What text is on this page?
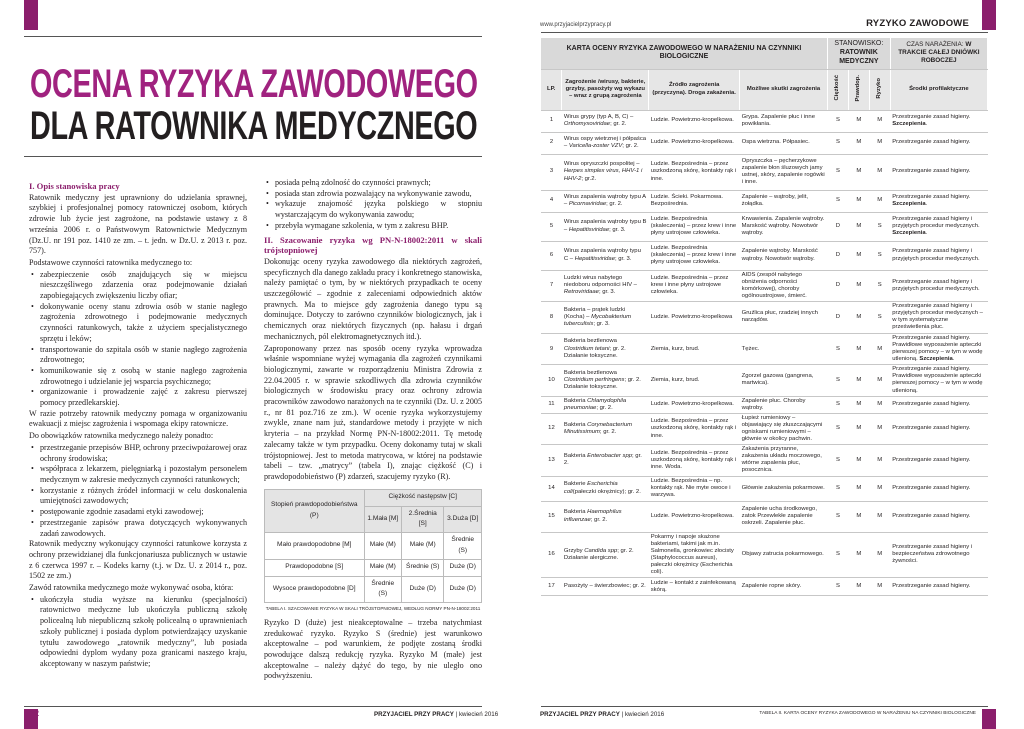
OCENA RYZYKA ZAWODOWEGO
DLA RATOWNIKA MEDYCZNEGO

I. Opis stanowiska pracy

Ratownik medyczny jest uprawniony do udzielania sprawnej, szybkiej i profesjonalnej pomocy ratowniczej osobom, których zdrowie lub życie jest zagrożone, na podstawie ustawy z 8 września 2006 r. o Państwowym Ratownictwie Medycznym (Dz.U. nr 191 poz. 1410 ze zm. – t. jedn. w Dz.U. z 2013 r. poz. 757).

Podstawowe czynności ratownika medycznego to:

• zabezpieczenie osób znajdujących się w miejscu nieszczęśliwego zdarzenia oraz podejmowanie działań zapobiegających zwiększeniu liczby ofiar;
• dokonywanie oceny stanu zdrowia osób w stanie nagłego zagrożenia zdrowotnego i podejmowanie medycznych czynności ratunkowych, także z użyciem specjalistycznego sprzętu i leków;
• transportowanie do szpitala osób w stanie nagłego zagrożenia zdrowotnego;
• komunikowanie się z osobą w stanie nagłego zagrożenia zdrowotnego i udzielanie jej wsparcia psychicznego;
• organizowanie i prowadzenie zajęć z zakresu pierwszej pomocy przedlekarskiej.

W razie potrzeby ratownik medyczny pomaga w organizowaniu ewakuacji z miejsc zagrożenia i wspomaga ekipy ratownicze.

Do obowiązków ratownika medycznego należy ponadto:

• przestrzeganie przepisów BHP, ochrony przeciwpożarowej oraz ochrony środowiska;
• współpraca z lekarzem, pielęgniarką i pozostałym personelem medycznym w zakresie medycznych czynności ratunkowych;
• korzystanie z różnych źródeł informacji w celu doskonalenia umiejętności zawodowych;
• postępowanie zgodnie zasadami etyki zawodowej;
• przestrzeganie zapisów prawa dotyczących wykonywanych zadań zawodowych.

Ratownik medyczny wykonujący czynności ratunkowe korzysta z ochrony przewidzianej dla funkcjonariusza publicznych w ustawie z 6 czerwca 1997 r. – Kodeks karny (t.j. w Dz. U. z 2014 r., poz. 1502 ze zm.)

Zawód ratownika medycznego może wykonywać osoba, która:

• ukończyła studia wyższe na kierunku (specjalności) ratownictwo medyczne lub ukończyła publiczną szkołę policealną lub niepubliczną szkołę policealną o uprawnieniach szkoły publicznej i posiada dyplom potwierdzający uzyskanie tytułu zawodowego „ratownik medyczny”, lub posiada odpowiedni dyplom wydany poza granicami naszego kraju, akceptowany w naszym państwie;
• posiada pełną zdolność do czynności prawnych;
• posiada stan zdrowia pozwalający na wykonywanie zawodu,
• wykazuje znajomość języka polskiego w stopniu wystarczającym do wykonywania zawodu;
• przebyła wymagane szkolenia, w tym z zakresu BHP.

II. Szacowanie ryzyka wg PN-N-18002:2011 w skali trójstopniowej

Dokonując oceny ryzyka zawodowego dla niektórych zagrożeń, specyficznych dla danego zakładu pracy i konkretnego stanowiska, należy pamiętać o tym, by w niektórych przypadkach te oceny uszczegółowić – zgodnie z zaleceniami odpowiednich aktów prawnych. Ma to miejsce gdy zagrożenia danego typu są dominujące. Dotyczy to zarówno czynników biologicznych, jak i chemicznych oraz niektórych fizycznych (np. hałasu i drgań mechanicznych, pól elektromagnetycznych itd.).

Zaproponowany przez nas sposób oceny ryzyka wprowadza właśnie wspomniane wyżej wymagania dla zagrożeń czynnikami biologicznymi, zawarte w rozporządzeniu Ministra Zdrowia z 22.04.2005 r. w sprawie szkodliwych dla zdrowia czynników biologicznych w środowisku pracy oraz ochrony zdrowia pracowników zawodowo narażonych na te czynniki (Dz. U. z 2005 r., nr 81 poz.716 ze zm.). W ocenie ryzyka wykorzystujemy zwykle, znane nam już, standardowe metody i przyjęte w nich kryteria – na przykład Normę PN-N-18002:2011. Tę metodę zalecamy także w tym przypadku. Oceny dokonamy tutaj w skali trójstopniowej. Jest to metoda matrycowa, w której na podstawie tabeli – tzw. „matrycy” (tabela I), znając ciężkość (C) i prawdopodobieństwo (P) zdarzeń, szacujemy ryzyko (R).

Stopień prawdopodobieństwa (P)	Ciężkość następstw [C]		
	1.Mała [M]	2.Średnia [S]	3.Duża [D]
Mało prawdopodobne [M]	Małe (M)	Małe (M)	Średnie (S)
Prawdopodobne [S]	Małe (M)	Średnie (S)	Duże (D)
Wysoce prawdopodobne [D]	Średnie (S)	Duże (D)	Duże (D)
TABELA I. SZACOWANIE RYZYKA W SKALI TRÓJSTOPNIOWEJ, WEDŁUG NORMY PN-N-18002:2011

Ryzyko D (duże) jest nieakceptowalne – trzeba natychmiast zredukować ryzyko. Ryzyko S (średnie) jest warunkowo akceptowalne – pod warunkiem, że podjęte zostaną środki powodujące dalszą redukcję ryzyka. Ryzyko M (małe) jest akceptowalne – należy dążyć do tego, by nie uległo ono podwyższeniu.

32	PRZYJACIEL PRZY PRACY | kwiecień 2016
www.przyjacielprzypracy.pl	RYZYKO ZAWODOWE
KARTA OCENY RYZYKA ZAWODOWEGO W NARAŻENIU NA CZYNNIKI BIOLOGICZNE				STANOWISKO:
RATOWNIK MEDYCZNY			CZAS NARAŻENIA: W TRAKCIE CAŁEJ DNIÓWKI ROBOCZEJ
LP.	Zagrożenie /wirusy, bakterie, grzyby, pasożyty wg wykazu – wraz z grupą zagrożenia	Źródło zagrożenia (przyczyna). Droga zakażenia.	Możliwe skutki zagrożenia	Ciężkość	Prawdop.	Ryzyko	Środki profilaktyczne
1	Wirus grypy (typ A, B, C) – Orthomyxoviridae; gr. 2.	Ludzie. Powietrzno-kropelkowa.	Grypa. Zapalenie płuc i inne powikłania.	S	M	M	Przestrzeganie zasad higieny. Szczepienia.
2	Wirus ospy wietrznej i półpaśca – Varicella-zoster VZV; gr. 2.	Ludzie. Powietrzno-kropelkowa.	Ospa wietrzna. Półpasiec.	S	M	M	Przestrzeganie zasad higieny.
3	Wirus opryszczki pospolitej – Herpes simplex virus, HHV-1 i HHV-2; gr.2.	Ludzie. Bezpośrednia – przez uszkodzoną skórę, kontakty rąk i inne.	Opryszczka – pęcherzykowe zapalenie błon śluzowych jamy ustnej, skóry, zapalenie rogówki i inne.	S	M	M	Przestrzeganie zasad higieny.
4	Wirus zapalenia wątroby typu A – Picornaviridae; gr. 2.	Ludzie. Ścieki. Pokarmowa. Bezpośrednia.	Zapalenie – wątroby, jelit, żołądka.	S	M	M	Przestrzeganie zasad higieny. Szczepienia.
5	Wirus zapalenia wątroby typu B – Hepatitisviridae; gr. 3.	Ludzie. Bezpośrednia (skaleczenia) – przez krew i inne płyny ustrojowe człowieka.	Krwawienia. Zapalenie wątroby. Marskość wątroby. Nowotwór wątroby.	D	M	S	Przestrzeganie zasad higieny i przyjętych procedur medycznych. Szczepienia.
6	Wirus zapalenia wątroby typu C – Hepatitisviridae; gr. 3.	Ludzie. Bezpośrednia (skaleczenia) – przez krew i inne płyny ustrojowe człowieka.	Zapalenie wątroby. Marskość wątroby. Nowotwór wątroby.	D	M	S	Przestrzeganie zasad higieny i przyjętych procedur medycznych.
7	Ludzki wirus nabytego niedoboru odporności HIV – Retroviridaae; gr. 3.	Ludzie. Bezpośrednia – przez krew i inne płyny ustrojowe człowieka.	AIDS (zespół nabytego obniżenia odporności komórkowej), choroby ogólnoustrojowe, śmierć.	D	M	S	Przestrzeganie zasad higieny i przyjętych procedur medycznych.
8	Bakteria – prątek ludzki (Kocha) – Mycobakterium tuberculisis; gr. 3.	Ludzie. Powietrzno-kropelkowa	Gruźlica płuc, rzadziej innych narządów.	D	M	S	Przestrzeganie zasad higieny i przyjętych procedur medycznych – w tym systematyczne prześwietlenia płuc.
9	Bakteria beztlenowa Clostridium tetani; gr. 2. Działanie toksyczne.	Ziemia, kurz, brud.	Tężec.	S	M	M	Przestrzeganie zasad higieny. Prawidłowe wyposażenie apteczki pierwszej pomocy – w tym w wodę utlenioną. Szczepienia.
10	Bakteria beztlenowa Clostridium perfringens; gr. 2. Działanie toksyczne.	Ziemia, kurz, brud.	Zgorzel gazowa (gangrena, martwica).	S	M	M	Przestrzeganie zasad higieny. Prawidłowe wyposażenie apteczki pierwszej pomocy – w tym w wodę utlenioną.
11	Bakteria Chlamydophila pneumoniae; gr. 2.	Ludzie. Powietrzno-kropelkowa.	Zapalenie płuc. Choroby wątroby.	S	M	M	Przestrzeganie zasad higieny.
12	Bakteria Corynebacterium Minutissimum; gr. 2.	Ludzie. Bezpośrednia – przez uszkodzoną skórę, kontakty rąk i inne.	Łupież rumieniowy – objawiający się złuszczającymi ogniskami rumieniowymi – głównie w okolicy pachwin.	S	M	M	Przestrzeganie zasad higieny.
13	Bakteria Enterobacter spp; gr. 2.	Ludzie. Bezpośrednia – przez uszkodzoną skórę, kontakty rąk i inne. Woda.	Zakażenia przyranne, zakażenia układu moczowego, wtórne zapalenia płuc, posocznica.	S	M	M	Przestrzeganie zasad higieny.
14	Bakterie Escherichia coli(pałeczki okrężnicy); gr. 2.	Ludzie. Bezpośrednia – np. kontakty rąk. Nie myte owoce i warzywa.	Głównie zakażenia pokarmowe.	S	M	M	Przestrzeganie zasad higieny.
15	Bakteria Haemophilus influenzae; gr. 2.	Ludzie. Powietrzno-kropelkowa.	Zapalenie ucha środkowego, zatok Przewlekłe zapalenie oskrzeli. Zapalenie płuc.	S	M	M	Przestrzeganie zasad higieny.
16	Grzyby Candida spp; gr. 2. Działanie alergiczne.	Pokarmy i napoje skażone bakteriami, takimi jak m.in. Salmonella, gronkowiec złocisty (Staphylococcus aureus), pałeczki okrężnicy (Escherichia coli).	Objawy zatrucia pokarmowego.	S	M	M	Przestrzeganie zasad higieny i bezpieczeństwa zdrowotnego żywności.
17	Pasożyty – świerzbowiec; gr. 2.	Ludzie – kontakt z zainfekowaną skórą.	Zapalenie ropne skóry.	S	M	M	Przestrzeganie zasad higieny.
PRZYJACIEL PRZY PRACY | kwiecień 2016	TABELA II. KARTA OCENY RYZYKA ZAWODOWEGO W NARAŻENIU NA CZYNNIKI BIOLOGICZNE 33
